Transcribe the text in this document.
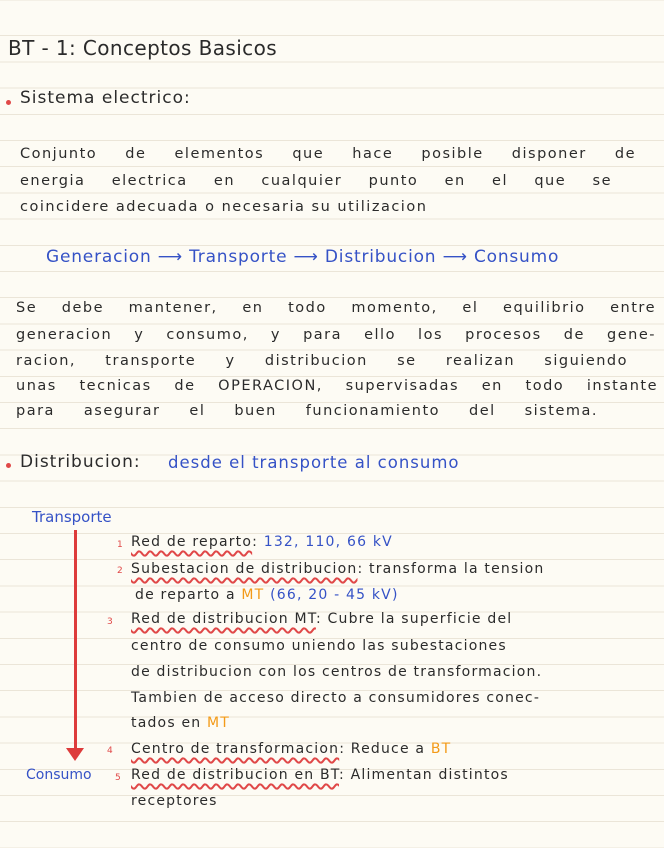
BT - 1: Conceptos Basicos
Sistema electrico:
Conjunto de elementos que hace posible disponer de
energia electrica en cualquier punto en el que se
coincidere adecuada o necesaria su utilizacion
Generacion ⟶ Transporte ⟶ Distribucion ⟶ Consumo
Se debe mantener, en todo momento, el equilibrio entre
generacion y consumo, y para ello los procesos de gene-
racion, transporte y distribucion se realizan siguiendo
unas tecnicas de OPERACION, supervisadas en todo instante
para asegurar el buen funcionamiento del sistema.
Distribucion: desde el transporte al consumo
Transporte
Consumo
1 Red de reparto: 132, 110, 66 kV
2 Subestacion de distribucion: transforma la tension
de reparto a MT (66, 20 - 45 kV)
3 Red de distribucion MT: Cubre la superficie del
centro de consumo uniendo las subestaciones
de distribucion con los centros de transformacion.
Tambien de acceso directo a consumidores conec-
tados en MT
4 Centro de transformacion: Reduce a BT
5 Red de distribucion en BT: Alimentan distintos
receptores
